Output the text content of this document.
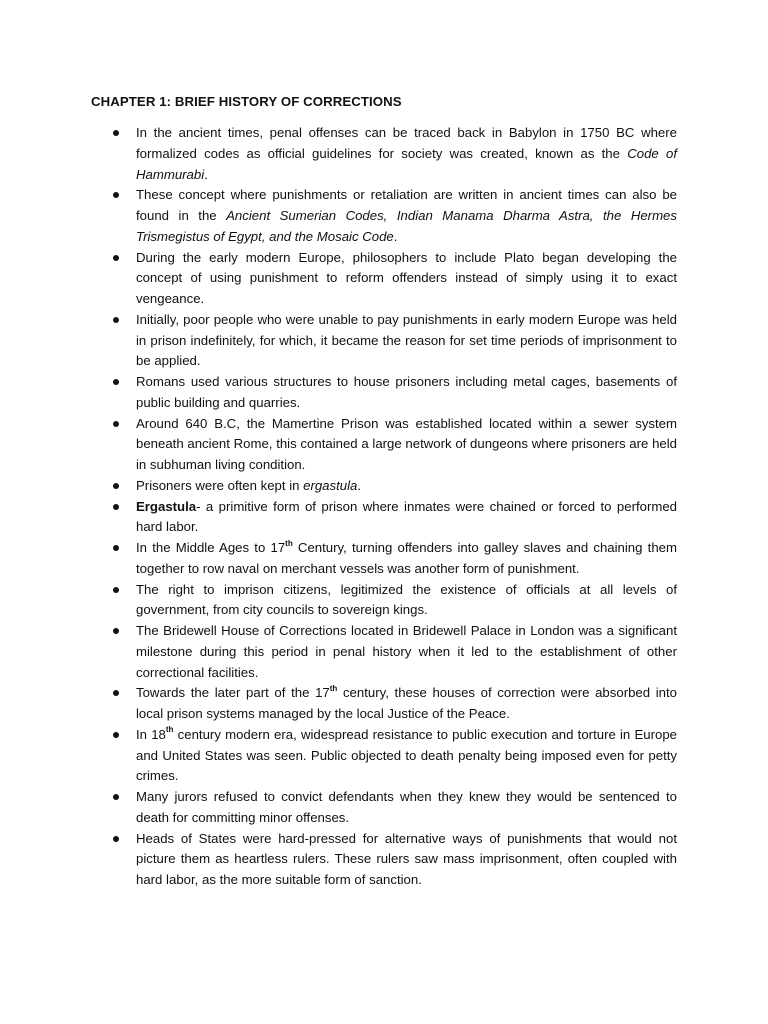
CHAPTER 1: BRIEF HISTORY OF CORRECTIONS
In the ancient times, penal offenses can be traced back in Babylon in 1750 BC where formalized codes as official guidelines for society was created, known as the Code of Hammurabi.
These concept where punishments or retaliation are written in ancient times can also be found in the Ancient Sumerian Codes, Indian Manama Dharma Astra, the Hermes Trismegistus of Egypt, and the Mosaic Code.
During the early modern Europe, philosophers to include Plato began developing the concept of using punishment to reform offenders instead of simply using it to exact vengeance.
Initially, poor people who were unable to pay punishments in early modern Europe was held in prison indefinitely, for which, it became the reason for set time periods of imprisonment to be applied.
Romans used various structures to house prisoners including metal cages, basements of public building and quarries.
Around 640 B.C, the Mamertine Prison was established located within a sewer system beneath ancient Rome, this contained a large network of dungeons where prisoners are held in subhuman living condition.
Prisoners were often kept in ergastula.
Ergastula- a primitive form of prison where inmates were chained or forced to performed hard labor.
In the Middle Ages to 17th Century, turning offenders into galley slaves and chaining them together to row naval on merchant vessels was another form of punishment.
The right to imprison citizens, legitimized the existence of officials at all levels of government, from city councils to sovereign kings.
The Bridewell House of Corrections located in Bridewell Palace in London was a significant milestone during this period in penal history when it led to the establishment of other correctional facilities.
Towards the later part of the 17th century, these houses of correction were absorbed into local prison systems managed by the local Justice of the Peace.
In 18th century modern era, widespread resistance to public execution and torture in Europe and United States was seen. Public objected to death penalty being imposed even for petty crimes.
Many jurors refused to convict defendants when they knew they would be sentenced to death for committing minor offenses.
Heads of States were hard-pressed for alternative ways of punishments that would not picture them as heartless rulers. These rulers saw mass imprisonment, often coupled with hard labor, as the more suitable form of sanction.
